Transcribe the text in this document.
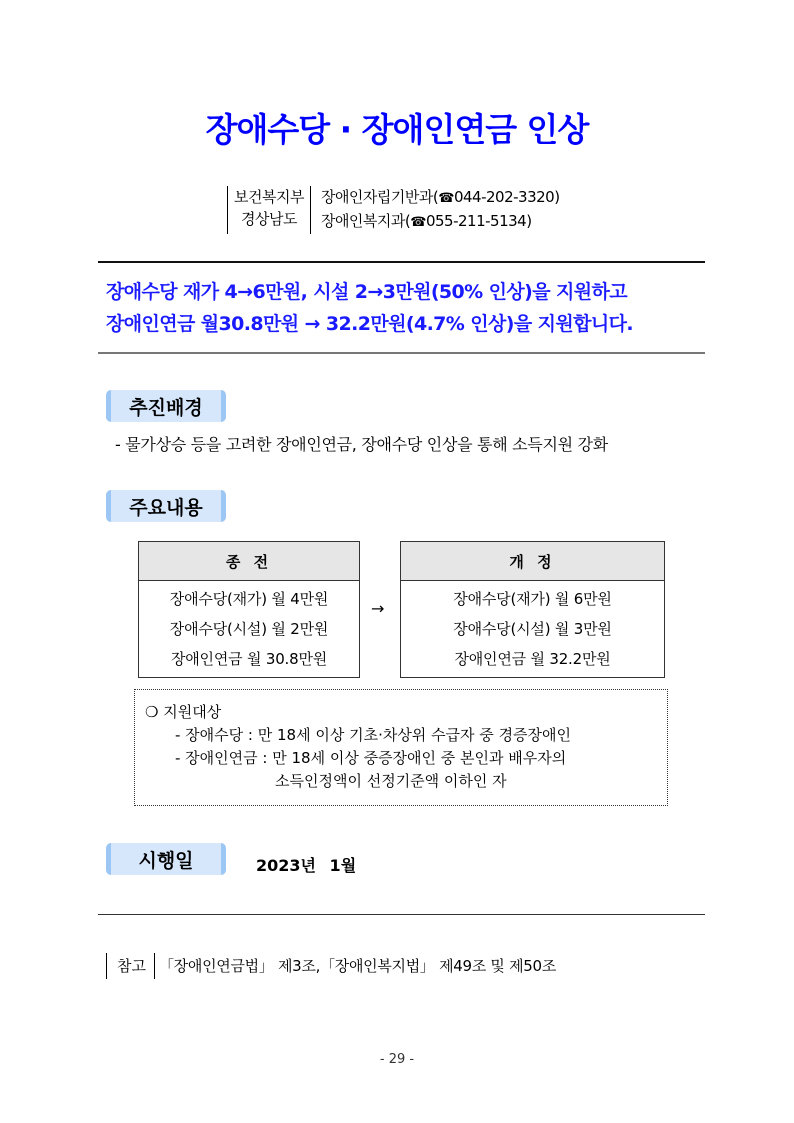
장애수당 · 장애인연금 인상
보건복지부
경상남도
장애인자립기반과(☎044-202-3320)
장애인복지과(☎055-211-5134)
장애수당 재가 4→6만원, 시설 2→3만원(50% 인상)을 지원하고
장애인연금 월30.8만원 → 32.2만원(4.7% 인상)을 지원합니다.
추진배경
- 물가상승 등을 고려한 장애인연금, 장애수당 인상을 통해 소득지원 강화
주요내용
종 전
장애수당(재가) 월 4만원
장애수당(시설) 월 2만원
장애인연금 월 30.8만원
→
개 정
장애수당(재가) 월 6만원
장애수당(시설) 월 3만원
장애인연금 월 32.2만원
❍ 지원대상
- 장애수당 : 만 18세 이상 기초·차상위 수급자 중 경증장애인
- 장애인연금 : 만 18세 이상 중증장애인 중 본인과 배우자의
소득인정액이 선정기준액 이하인 자
시행일	2023년 1월
참고 「장애인연금법」 제3조,「장애인복지법」 제49조 및 제50조
- 29 -
